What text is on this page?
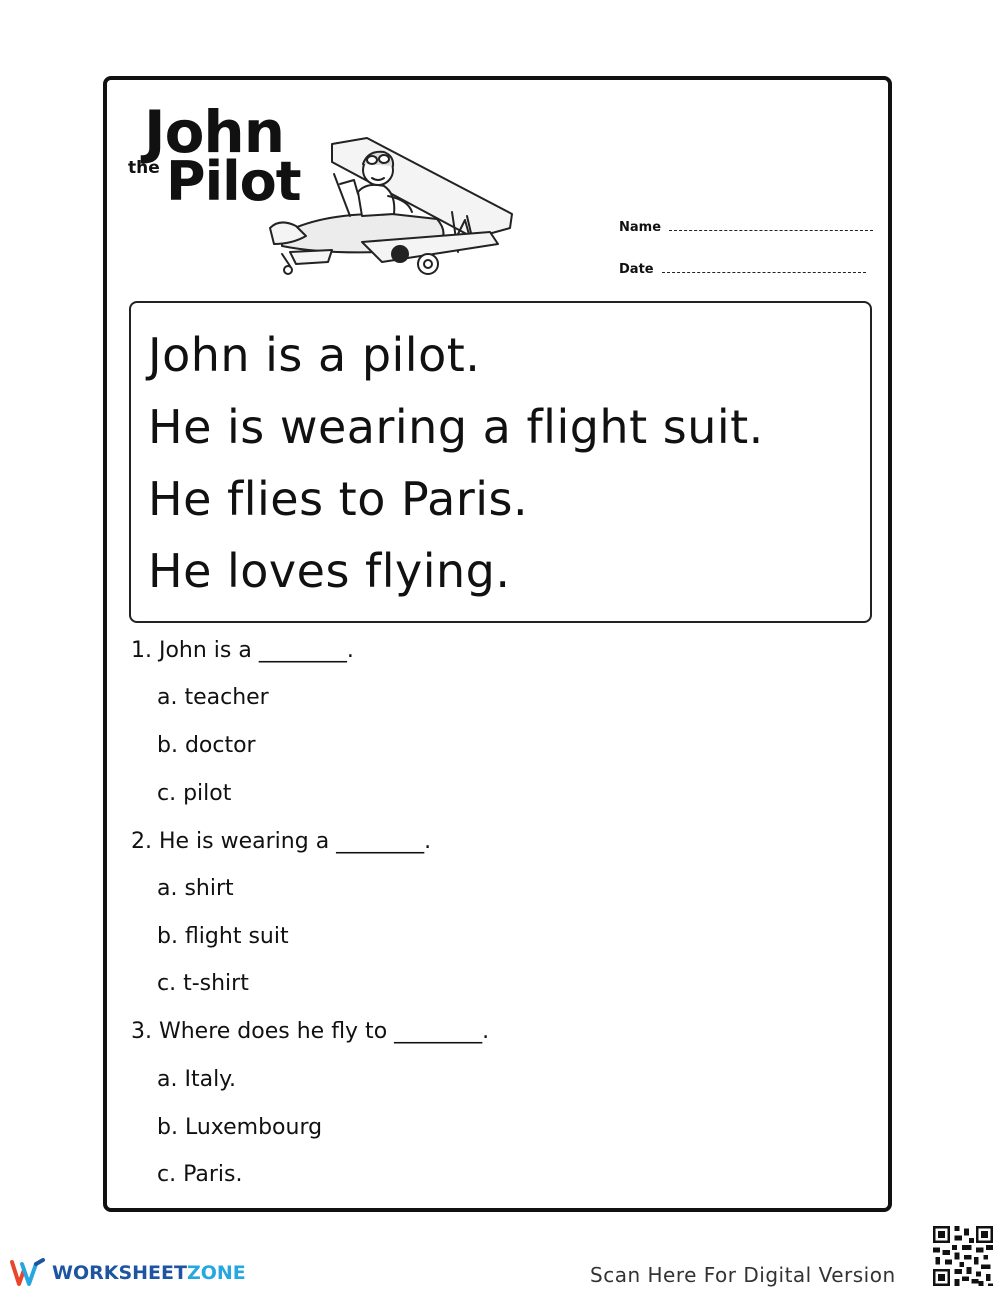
John
the Pilot
Name
Date
John is a pilot.
He is wearing a flight suit.
He flies to Paris.
He loves flying.
1. John is a ________.
a. teacher
b. doctor
c. pilot
2. He is wearing a ________.
a. shirt
b. flight suit
c. t-shirt
3. Where does he fly to ________.
a. Italy.
b. Luxembourg
c. Paris.
WORKSHEETZONE	Scan Here For Digital Version
